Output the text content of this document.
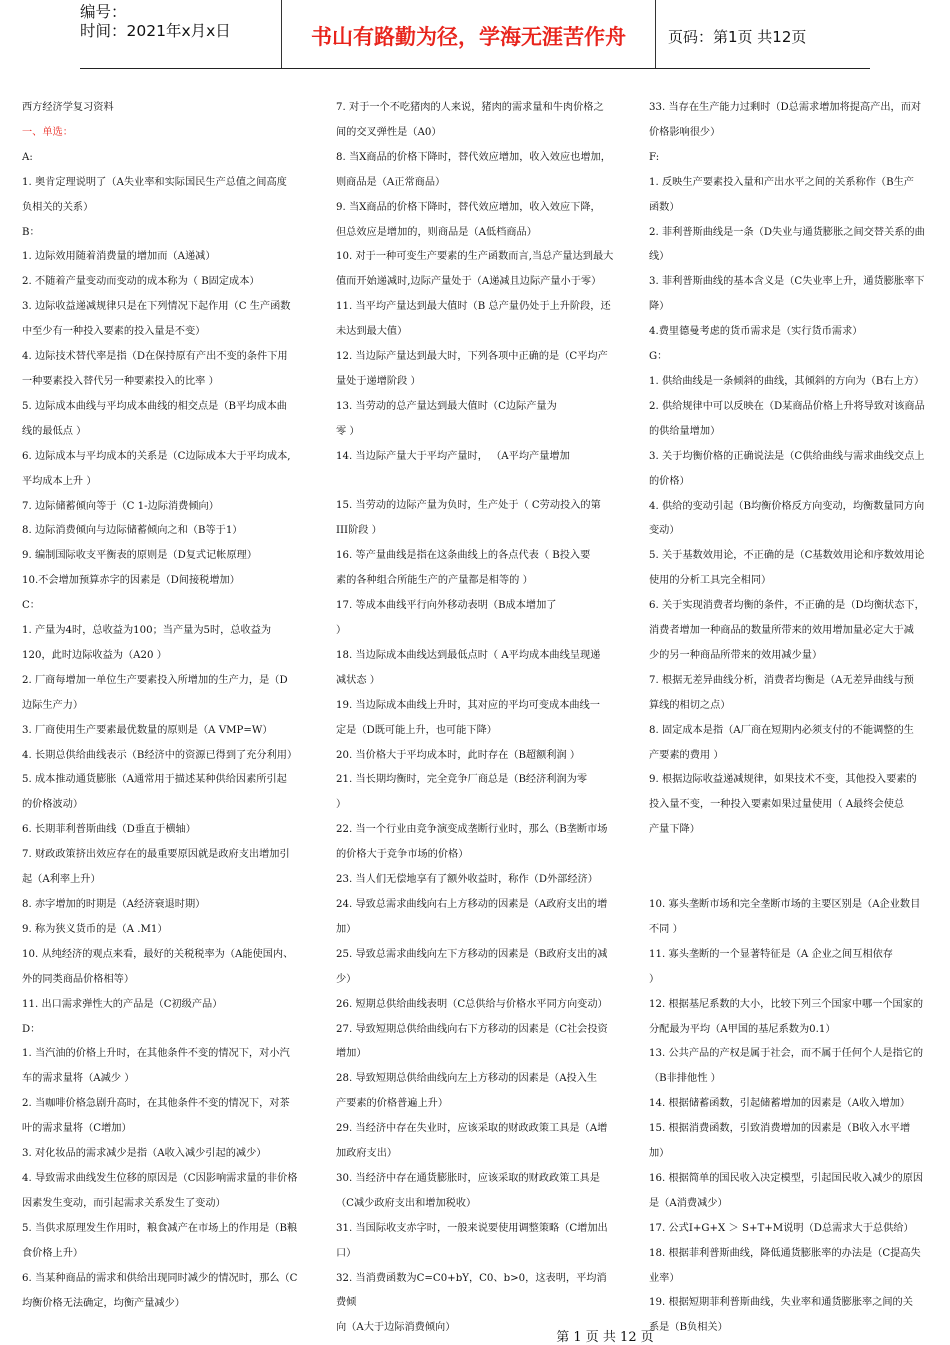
编号：
时间：2021年x月x日	书山有路勤为径，学海无涯苦作舟	页码：第1页 共12页

西方经济学复习资料

一、单选：

A:

1. 奥肯定理说明了（A失业率和实际国民生产总值之间高度

负相关的关系）

B：

1. 边际效用随着消费量的增加而（A递减）

2. 不随着产量变动而变动的成本称为（ B固定成本）

3. 边际收益递减规律只是在下列情况下起作用（C 生产函数

中至少有一种投入要素的投入量是不变）

4. 边际技术替代率是指（D在保持原有产出不变的条件下用

一种要素投入替代另一种要素投入的比率 ）

5. 边际成本曲线与平均成本曲线的相交点是（B平均成本曲

线的最低点 ）

6. 边际成本与平均成本的关系是（C边际成本大于平均成本,

平均成本上升 ）

7. 边际储蓄倾向等于（C 1-边际消费倾向）

8. 边际消费倾向与边际储蓄倾向之和（B等于1）

9. 编制国际收支平衡表的原则是（D复式记帐原理）

10.不会增加预算赤字的因素是（D间接税增加）

C：

1. 产量为4时，总收益为100；当产量为5时，总收益为

120，此时边际收益为（A20 ）

2. 厂商每增加一单位生产要素投入所增加的生产力，是（D

边际生产力）

3. 厂商使用生产要素最优数量的原则是（A VMP=W）

4. 长期总供给曲线表示（B经济中的资源已得到了充分利用）

5. 成本推动通货膨胀（A通常用于描述某种供给因素所引起

的价格波动）

6. 长期菲利普斯曲线（D垂直于横轴）

7. 财政政策挤出效应存在的最重要原因就是政府支出增加引

起（A利率上升）

8. 赤字增加的时期是（A经济衰退时期）

9. 称为狭义货币的是（A .M1）

10. 从纯经济的观点来看，最好的关税税率为（A能使国内、

外的同类商品价格相等）

11. 出口需求弹性大的产品是（C初级产品）

D：

1. 当汽油的价格上升时，在其他条件不变的情况下，对小汽

车的需求量将（A减少 ）

2. 当咖啡价格急剧升高时，在其他条件不变的情况下，对茶

叶的需求量将（C增加）

3. 对化妆品的需求减少是指（A收入减少引起的减少）

4. 导致需求曲线发生位移的原因是（C因影响需求量的非价格

因素发生变动，而引起需求关系发生了变动）

5. 当供求原理发生作用时，粮食减产在市场上的作用是（B粮

食价格上升）

6. 当某种商品的需求和供给出现同时减少的情况时，那么（C

均衡价格无法确定，均衡产量减少）

7. 对于一个不吃猪肉的人来说，猪肉的需求量和牛肉价格之

间的交叉弹性是（A0）

8. 当X商品的价格下降时，替代效应增加，收入效应也增加，

则商品是（A正常商品）

9. 当X商品的价格下降时，替代效应增加，收入效应下降，

但总效应是增加的，则商品是（A低档商品）

10. 对于一种可变生产要素的生产函数而言,当总产量达到最大

值而开始递减时,边际产量处于（A递减且边际产量小于零）

11. 当平均产量达到最大值时（B 总产量仍处于上升阶段，还

未达到最大值）

12. 当边际产量达到最大时，下列各项中正确的是（C平均产

量处于递增阶段 ）

13. 当劳动的总产量达到最大值时（C边际产量为

零 ）

14. 当边际产量大于平均产量时， （A平均产量增加

15. 当劳动的边际产量为负时，生产处于（ C劳动投入的第

III阶段 ）

16. 等产量曲线是指在这条曲线上的各点代表（ B投入要

素的各种组合所能生产的产量都是相等的 ）

17. 等成本曲线平行向外移动表明（B成本增加了

）

18. 当边际成本曲线达到最低点时（ A平均成本曲线呈现递

减状态 ）

19. 当边际成本曲线上升时，其对应的平均可变成本曲线一

定是（D既可能上升，也可能下降）

20. 当价格大于平均成本时，此时存在（B超额利润 ）

21. 当长期均衡时，完全竞争厂商总是（B经济利润为零

）

22. 当一个行业由竞争演变成垄断行业时，那么（B垄断市场

的价格大于竞争市场的价格）

23. 当人们无偿地享有了额外收益时，称作（D外部经济）

24. 导致总需求曲线向右上方移动的因素是（A政府支出的增

加）

25. 导致总需求曲线向左下方移动的因素是（B政府支出的减

少）

26. 短期总供给曲线表明（C总供给与价格水平同方向变动）

27. 导致短期总供给曲线向右下方移动的因素是（C社会投资

增加）

28. 导致短期总供给曲线向左上方移动的因素是（A投入生

产要素的价格普遍上升）

29. 当经济中存在失业时，应该采取的财政政策工具是（A增

加政府支出）

30. 当经济中存在通货膨胀时，应该采取的财政政策工具是

（C减少政府支出和增加税收）

31. 当国际收支赤字时，一般来说要使用调整策略（C增加出

口）

32. 当消费函数为C=C0+bY，C0、b>0，这表明，平均消费倾

向（A大于边际消费倾向）

33. 当存在生产能力过剩时（D总需求增加将提高产出，而对

价格影响很少）

F:

1. 反映生产要素投入量和产出水平之间的关系称作（B生产

函数）

2. 菲利普斯曲线是一条（D失业与通货膨胀之间交替关系的曲

线）

3. 菲利普斯曲线的基本含义是（C失业率上升，通货膨胀率下

降）

4.费里德曼考虑的货币需求是（实行货币需求）

G：

1. 供给曲线是一条倾斜的曲线，其倾斜的方向为（B右上方）

2. 供给规律中可以反映在（D某商品价格上升将导致对该商品

的供给量增加）

3. 关于均衡价格的正确说法是（C供给曲线与需求曲线交点上

的价格）

4. 供给的变动引起（B均衡价格反方向变动，均衡数量同方向

变动）

5. 关于基数效用论，不正确的是（C基数效用论和序数效用论

使用的分析工具完全相同）

6. 关于实现消费者均衡的条件，不正确的是（D均衡状态下，

消费者增加一种商品的数量所带来的效用增加量必定大于减

少的另一种商品所带来的效用减少量）

7. 根据无差异曲线分析，消费者均衡是（A无差异曲线与预

算线的相切之点）

8. 固定成本是指（A厂商在短期内必须支付的不能调整的生

产要素的费用 ）

9. 根据边际收益递减规律，如果技术不变，其他投入要素的

投入量不变，一种投入要素如果过量使用（ A最终会使总

产量下降）

10. 寡头垄断市场和完全垄断市场的主要区别是（A企业数目

不同 ）

11. 寡头垄断的一个显著特征是（A 企业之间互相依存

）

12. 根据基尼系数的大小，比较下列三个国家中哪一个国家的

分配最为平均（A甲国的基尼系数为0.1）

13. 公共产品的产权是属于社会，而不属于任何个人是指它的

（B非排他性 ）

14. 根据储蓄函数，引起储蓄增加的因素是（A收入增加）

15. 根据消费函数，引致消费增加的因素是（B收入水平增

加）

16. 根据简单的国民收入决定模型，引起国民收入减少的原因

是（A消费减少）

17. 公式I+G+X ＞ S+T+M说明（D总需求大于总供给）

18. 根据菲利普斯曲线，降低通货膨胀率的办法是（C提高失

业率）

19. 根据短期菲利普斯曲线，失业率和通货膨胀率之间的关

系是（B负相关）

第 1 页 共 12 页
